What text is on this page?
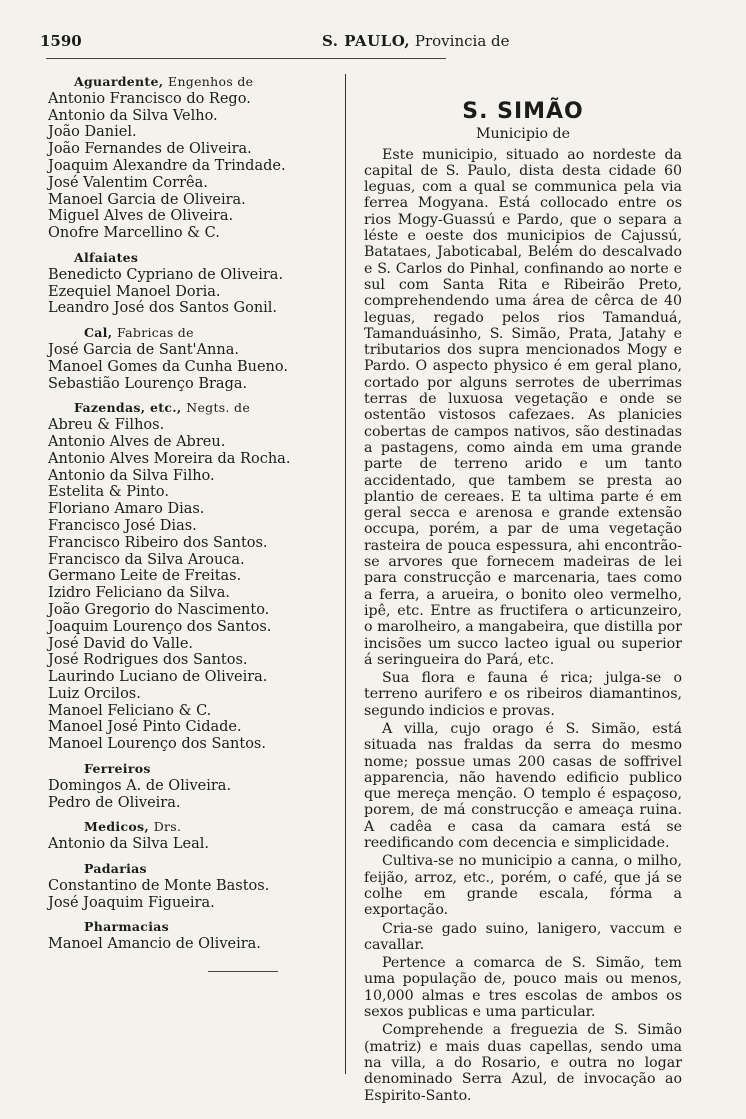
1590	S. PAULO, Provincia de
Aguardente, Engenhos de
Antonio Francisco do Rego.
Antonio da Silva Velho.
João Daniel.
João Fernandes de Oliveira.
Joaquim Alexandre da Trindade.
José Valentim Corrêa.
Manoel Garcia de Oliveira.
Miguel Alves de Oliveira.
Onofre Marcellino & C.
Alfaiates
Benedicto Cypriano de Oliveira.
Ezequiel Manoel Doria.
Leandro José dos Santos Gonil.
Cal, Fabricas de
José Garcia de Sant'Anna.
Manoel Gomes da Cunha Bueno.
Sebastião Lourenço Braga.
Fazendas, etc., Negts. de
Abreu & Filhos.
Antonio Alves de Abreu.
Antonio Alves Moreira da Rocha.
Antonio da Silva Filho.
Estelita & Pinto.
Floriano Amaro Dias.
Francisco José Dias.
Francisco Ribeiro dos Santos.
Francisco da Silva Arouca.
Germano Leite de Freitas.
Izidro Feliciano da Silva.
João Gregorio do Nascimento.
Joaquim Lourenço dos Santos.
José David do Valle.
José Rodrigues dos Santos.
Laurindo Luciano de Oliveira.
Luiz Orcilos.
Manoel Feliciano & C.
Manoel José Pinto Cidade.
Manoel Lourenço dos Santos.
Ferreiros
Domingos A. de Oliveira.
Pedro de Oliveira.
Medicos, Drs.
Antonio da Silva Leal.
Padarias
Constantino de Monte Bastos.
José Joaquim Figueira.
Pharmacias
Manoel Amancio de Oliveira.
S. SIMÃO
Municipio de

Este municipio, situado ao nordeste da capital de S. Paulo, dista desta cidade 60 leguas, com a qual se communica pela via ferrea Mogyana. Está collocado entre os rios Mogy-Guassú e Pardo, que o separa a léste e oeste dos municipios de Cajussú, Batataes, Jaboticabal, Belém do descalvado e S. Carlos do Pinhal, confinando ao norte e sul com Santa Rita e Ribeirão Preto, comprehendendo uma área de cêrca de 40 leguas, regado pelos rios Tamanduá, Tamanduásinho, S. Simão, Prata, Jatahy e tributarios dos supra mencionados Mogy e Pardo. O aspecto physico é em geral plano, cortado por alguns serrotes de uberrimas terras de luxuosa vegetação e onde se ostentão vistosos cafezaes. As planicies cobertas de campos nativos, são destinadas a pastagens, como ainda em uma grande parte de terreno arido e um tanto accidentado, que tambem se presta ao plantio de cereaes. E ta ultima parte é em geral secca e arenosa e grande extensão occupa, porém, a par de uma vegetação rasteira de pouca espessura, ahi encontrão-se arvores que fornecem madeiras de lei para construcção e marcenaria, taes como a ferra, a arueira, o bonito oleo vermelho, ipê, etc. Entre as fructifera o articunzeiro, o marolheiro, a mangabeira, que distilla por incisões um succo lacteo igual ou superior á seringueira do Pará, etc.

Sua flora e fauna é rica; julga-se o terreno aurifero e os ribeiros diamantinos, segundo indicios e provas.

A villa, cujo orago é S. Simão, está situada nas fraldas da serra do mesmo nome; possue umas 200 casas de soffrivel apparencia, não havendo edificio publico que mereça menção. O templo é espaçoso, porem, de má construcção e ameaça ruina. A cadêa e casa da camara está se reedificando com decencia e simplicidade.

Cultiva-se no municipio a canna, o milho, feijão, arroz, etc., porém, o café, que já se colhe em grande escala, fórma a exportação.

Cria-se gado suino, lanigero, vaccum e cavallar.

Pertence a comarca de S. Simão, tem uma população de, pouco mais ou menos, 10,000 almas e tres escolas de ambos os sexos publicas e uma particular.

Comprehende a freguezia de S. Simão (matriz) e mais duas capellas, sendo uma na villa, a do Rosario, e outra no logar denominado Serra Azul, de invocação ao Espirito-Santo.
